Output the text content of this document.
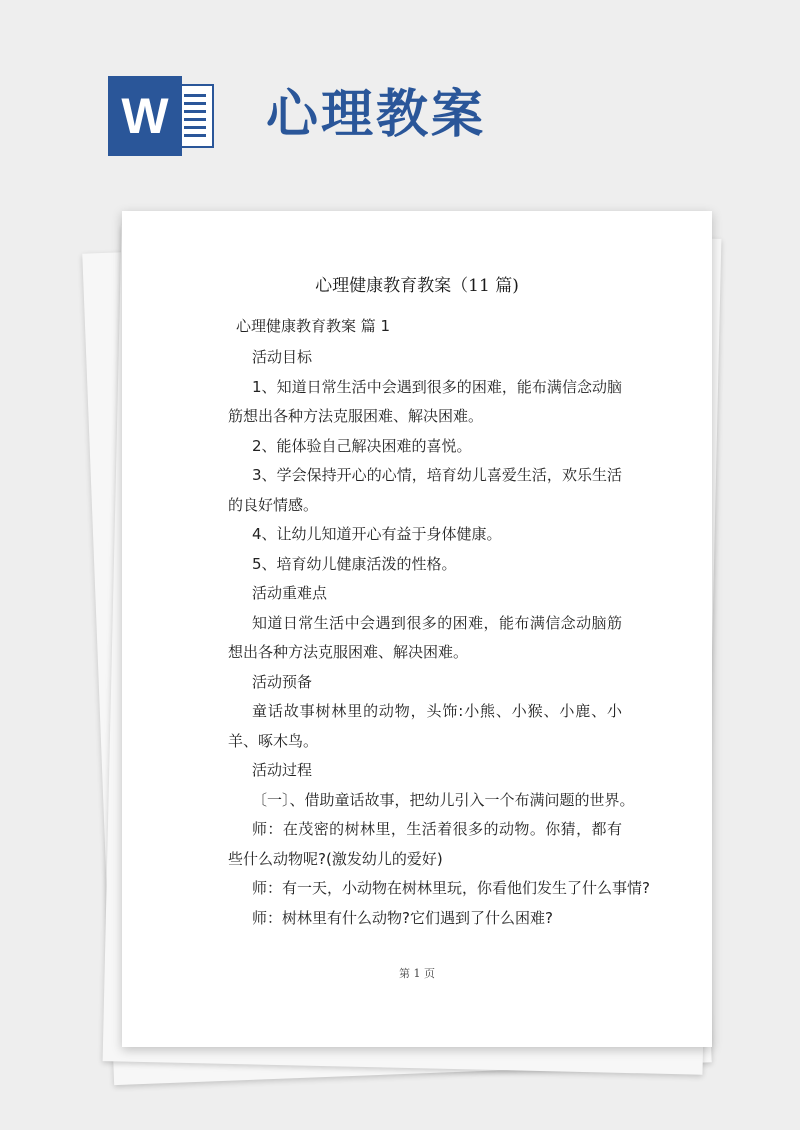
W 心理教案
心理健康教育教案（11 篇)
心理健康教育教案 篇 1

活动目标

1、知道日常生活中会遇到很多的困难，能布满信念动脑筋想出各种方法克服困难、解决困难。

2、能体验自己解决困难的喜悦。

3、学会保持开心的心情，培育幼儿喜爱生活，欢乐生活的良好情感。

4、让幼儿知道开心有益于身体健康。

5、培育幼儿健康活泼的性格。

活动重难点

知道日常生活中会遇到很多的困难，能布满信念动脑筋想出各种方法克服困难、解决困难。

活动预备

童话故事树林里的动物，头饰:小熊、小猴、小鹿、小羊、啄木鸟。

活动过程

〔一〕、借助童话故事，把幼儿引入一个布满问题的世界。

师：在茂密的树林里，生活着很多的动物。你猜，都有些什么动物呢?(激发幼儿的爱好)

师：有一天，小动物在树林里玩，你看他们发生了什么事情?

师：树林里有什么动物?它们遇到了什么困难?

第 1 页
